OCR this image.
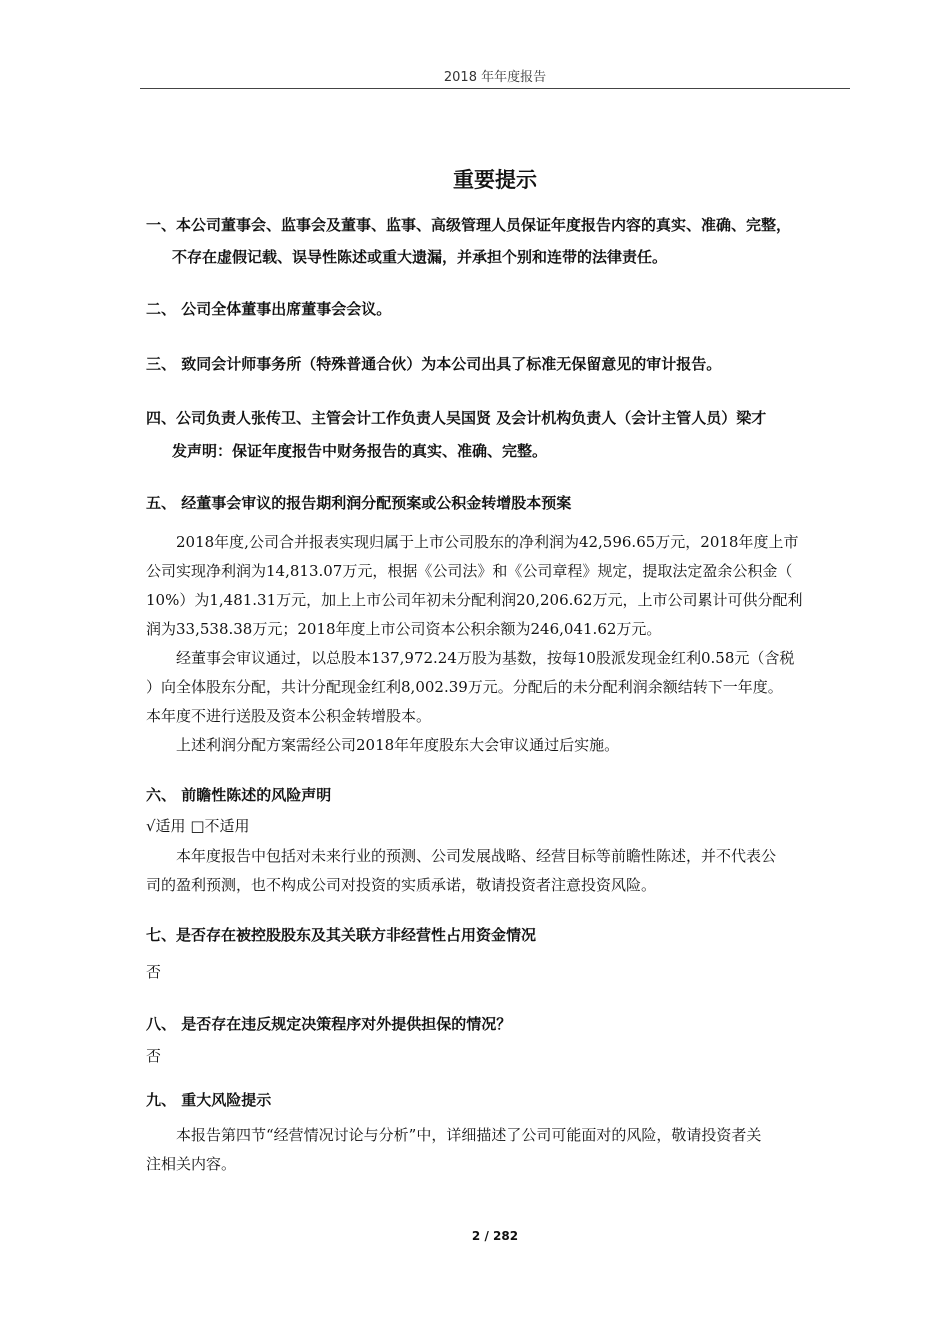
2018 年年度报告
重要提示
一、本公司董事会、监事会及董事、监事、高级管理人员保证年度报告内容的真实、准确、完整，
不存在虚假记载、误导性陈述或重大遗漏，并承担个别和连带的法律责任。
二、 公司全体董事出席董事会会议。
三、 致同会计师事务所（特殊普通合伙）为本公司出具了标准无保留意见的审计报告。
四、公司负责人张传卫、主管会计工作负责人吴国贤 及会计机构负责人（会计主管人员）梁才
发声明：保证年度报告中财务报告的真实、准确、完整。
五、 经董事会审议的报告期利润分配预案或公积金转增股本预案
2018年度,公司合并报表实现归属于上市公司股东的净利润为42,596.65万元，2018年度上市
公司实现净利润为14,813.07万元，根据《公司法》和《公司章程》规定，提取法定盈余公积金（
10%）为1,481.31万元，加上上市公司年初未分配利润20,206.62万元，上市公司累计可供分配利
润为33,538.38万元；2018年度上市公司资本公积余额为246,041.62万元。
经董事会审议通过，以总股本137,972.24万股为基数，按每10股派发现金红利0.58元（含税
）向全体股东分配，共计分配现金红利8,002.39万元。分配后的未分配利润余额结转下一年度。
本年度不进行送股及资本公积金转增股本。
上述利润分配方案需经公司2018年年度股东大会审议通过后实施。
六、 前瞻性陈述的风险声明
√适用 □不适用
本年度报告中包括对未来行业的预测、公司发展战略、经营目标等前瞻性陈述，并不代表公
司的盈利预测，也不构成公司对投资的实质承诺，敬请投资者注意投资风险。
七、是否存在被控股股东及其关联方非经营性占用资金情况
否
八、 是否存在违反规定决策程序对外提供担保的情况？
否
九、 重大风险提示
本报告第四节“经营情况讨论与分析”中，详细描述了公司可能面对的风险，敬请投资者关
注相关内容。
2 / 282
